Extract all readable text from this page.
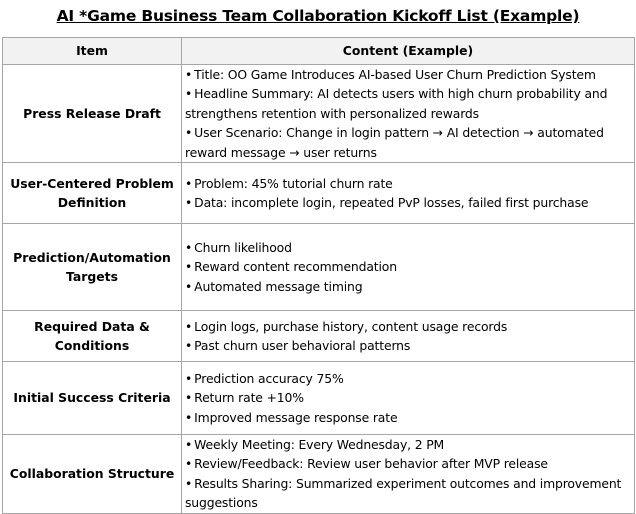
AI *Game Business Team Collaboration Kickoff List (Example)
Item	Content (Example)
Press Release Draft	• Title: OO Game Introduces AI-based User Churn Prediction System
• Headline Summary: AI detects users with high churn probability and strengthens retention with personalized rewards
• User Scenario: Change in login pattern → AI detection → automated reward message → user returns

User-Centered Problem Definition	• Problem: 45% tutorial churn rate
• Data: incomplete login, repeated PvP losses, failed first purchase

Prediction/Automation Targets	• Churn likelihood
• Reward content recommendation
• Automated message timing

Required Data & Conditions	• Login logs, purchase history, content usage records
• Past churn user behavioral patterns

Initial Success Criteria	• Prediction accuracy 75%
• Return rate +10%
• Improved message response rate

Collaboration Structure	• Weekly Meeting: Every Wednesday, 2 PM
• Review/Feedback: Review user behavior after MVP release
• Results Sharing: Summarized experiment outcomes and improvement suggestions
